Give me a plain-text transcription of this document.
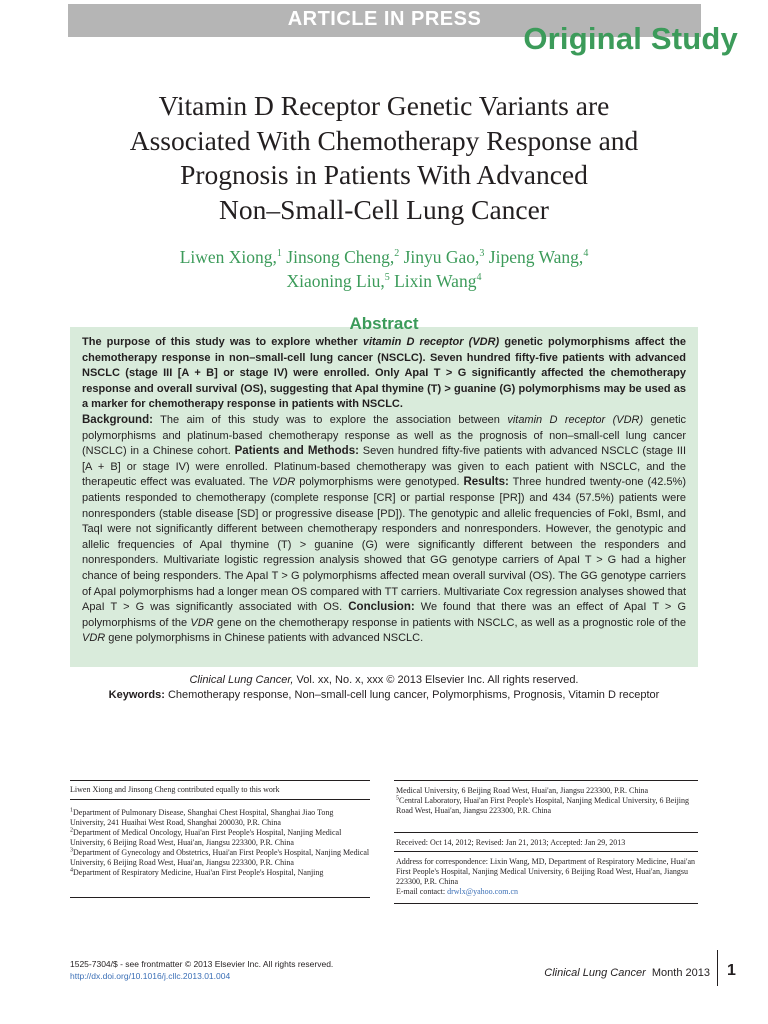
ARTICLE IN PRESS
Original Study
Vitamin D Receptor Genetic Variants are
Associated With Chemotherapy Response and
Prognosis in Patients With Advanced
Non–Small-Cell Lung Cancer
Liwen Xiong,$^1$ Jinsong Cheng,$^2$ Jinyu Gao,$^3$ Jipeng Wang,$^4$
Xiaoning Liu,$^5$ Lixin Wang$^4$

The purpose of this study was to explore whether vitamin D receptor (VDR) genetic polymorphisms affect the chemotherapy response in non–small-cell lung cancer (NSCLC). Seven hundred fifty-five patients with advanced NSCLC (stage III [A + B] or stage IV) were enrolled. Only ApaI T > G significantly affected the chemotherapy response and overall survival (OS), suggesting that ApaI thymine (T) > guanine (G) polymorphisms may be used as a marker for chemotherapy response in patients with NSCLC.

Background: The aim of this study was to explore the association between vitamin D receptor (VDR) genetic polymorphisms and platinum-based chemotherapy response as well as the prognosis of non–small-cell lung cancer (NSCLC) in a Chinese cohort. Patients and Methods: Seven hundred fifty-five patients with advanced NSCLC (stage III [A + B] or stage IV) were enrolled. Platinum-based chemotherapy was given to each patient with NSCLC, and the therapeutic effect was evaluated. The VDR polymorphisms were genotyped. Results: Three hundred twenty-one (42.5%) patients responded to chemotherapy (complete response [CR] or partial response [PR]) and 434 (57.5%) patients were nonresponders (stable disease [SD] or progressive disease [PD]). The genotypic and allelic frequencies of FokI, BsmI, and TaqI were not significantly different between chemotherapy responders and nonresponders. However, the genotypic and allelic frequencies of ApaI thymine (T) > guanine (G) were significantly different between the responders and nonresponders. Multivariate logistic regression analysis showed that GG genotype carriers of ApaI T > G had a higher chance of being responders. The ApaI T > G polymorphisms affected mean overall survival (OS). The GG genotype carriers of ApaI polymorphisms had a longer mean OS compared with TT carriers. Multivariate Cox regression analyses showed that ApaI T > G was significantly associated with OS. Conclusion: We found that there was an effect of ApaI T > G polymorphisms of the VDR gene on the chemotherapy response in patients with NSCLC, as well as a prognostic role of the VDR gene polymorphisms in Chinese patients with advanced NSCLC.

Abstract
Clinical Lung Cancer, Vol. xx, No. x, xxx © 2013 Elsevier Inc. All rights reserved.
Keywords: Chemotherapy response, Non–small-cell lung cancer, Polymorphisms, Prognosis, Vitamin D receptor
Liwen Xiong and Jinsong Cheng contributed equally to this work
$^1$Department of Pulmonary Disease, Shanghai Chest Hospital, Shanghai Jiao Tong University, 241 Huaihai West Road, Shanghai 200030, P.R. China
$^2$Department of Medical Oncology, Huai'an First People's Hospital, Nanjing Medical University, 6 Beijing Road West, Huai'an, Jiangsu 223300, P.R. China
$^3$Department of Gynecology and Obstetrics, Huai'an First People's Hospital, Nanjing Medical University, 6 Beijing Road West, Huai'an, Jiangsu 223300, P.R. China
$^4$Department of Respiratory Medicine, Huai'an First People's Hospital, Nanjing
Medical University, 6 Beijing Road West, Huai'an, Jiangsu 223300, P.R. China
$^5$Central Laboratory, Huai'an First People's Hospital, Nanjing Medical University, 6 Beijing Road West, Huai'an, Jiangsu 223300, P.R. China
Received: Oct 14, 2012; Revised: Jan 21, 2013; Accepted: Jan 29, 2013
Address for correspondence: Lixin Wang, MD, Department of Respiratory Medicine, Huai'an First People's Hospital, Nanjing Medical University, 6 Beijing Road West, Huai'an, Jiangsu 223300, P.R. China
E-mail contact: drwlx@yahoo.com.cn
1525-7304/$ - see frontmatter © 2013 Elsevier Inc. All rights reserved.
http://dx.doi.org/10.1016/j.cllc.2013.01.004	Clinical Lung Cancer Month 2013 1
